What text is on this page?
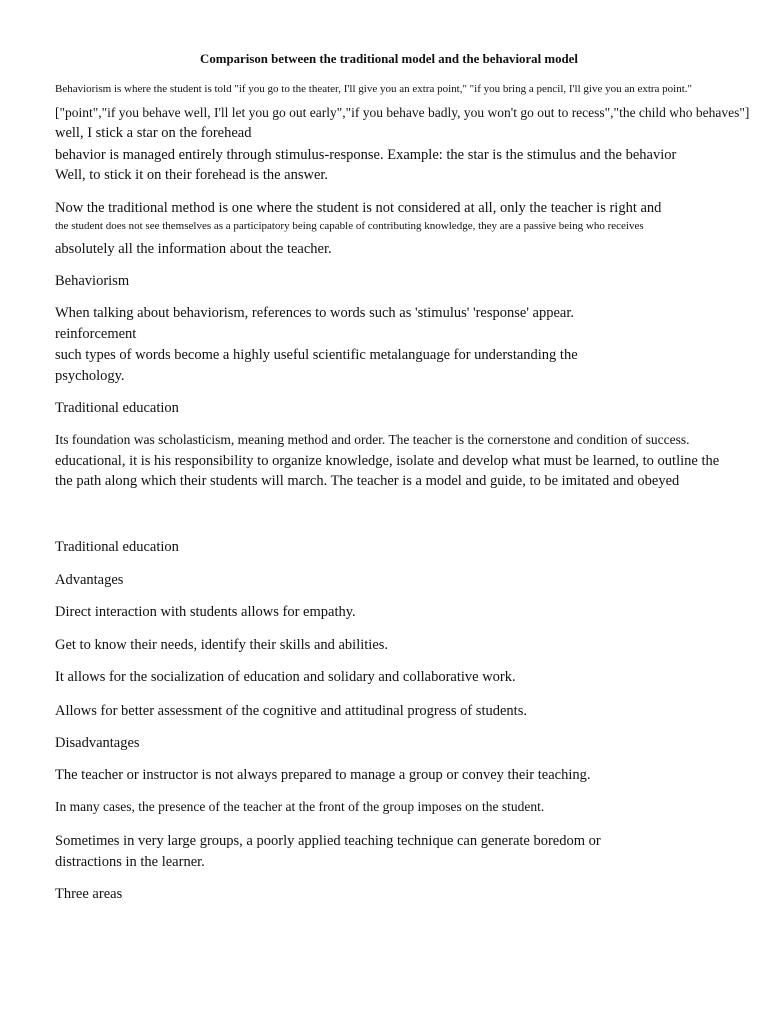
Comparison between the traditional model and the behavioral model
Behaviorism is where the student is told "if you go to the theater, I'll give you an extra point," "if you bring a pencil, I'll give you an extra point."
["point","if you behave well, I'll let you go out early","if you behave badly, you won't go out to recess","the child who behaves"]
well, I stick a star on the forehead
behavior is managed entirely through stimulus-response. Example: the star is the stimulus and the behavior
Well, to stick it on their forehead is the answer.
Now the traditional method is one where the student is not considered at all, only the teacher is right and
the student does not see themselves as a participatory being capable of contributing knowledge, they are a passive being who receives
absolutely all the information about the teacher.
Behaviorism
When talking about behaviorism, references to words such as 'stimulus' 'response' appear.
reinforcement
such types of words become a highly useful scientific metalanguage for understanding the
psychology.
Traditional education
Its foundation was scholasticism, meaning method and order. The teacher is the cornerstone and condition of success.
educational, it is his responsibility to organize knowledge, isolate and develop what must be learned, to outline the
the path along which their students will march. The teacher is a model and guide, to be imitated and obeyed
Traditional education
Advantages
Direct interaction with students allows for empathy.
Get to know their needs, identify their skills and abilities.
It allows for the socialization of education and solidary and collaborative work.
Allows for better assessment of the cognitive and attitudinal progress of students.
Disadvantages
The teacher or instructor is not always prepared to manage a group or convey their teaching.
In many cases, the presence of the teacher at the front of the group imposes on the student.
Sometimes in very large groups, a poorly applied teaching technique can generate boredom or
distractions in the learner.
Three areas
